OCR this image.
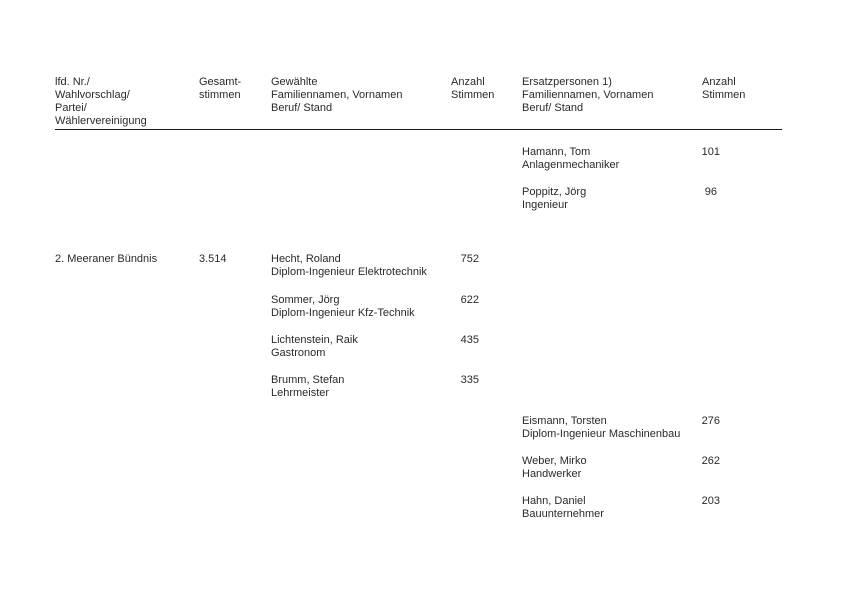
lfd. Nr./
Wahlvorschlag/
Partei/
Wählervereinigung
Gesamt-
stimmen
Gewählte
Familiennamen, Vornamen
Beruf/ Stand
Anzahl
Stimmen
Ersatzpersonen 1)
Familiennamen, Vornamen
Beruf/ Stand
Anzahl
Stimmen
Hamann, Tom
Anlagenmechaniker
101
Poppitz, Jörg
Ingenieur
96
2. Meeraner Bündnis	3.514	Hecht, Roland
Diplom-Ingenieur Elektrotechnik
752
Sommer, Jörg
Diplom-Ingenieur Kfz-Technik
622
Lichtenstein, Raik
Gastronom
435
Brumm, Stefan
Lehrmeister
335
Eismann, Torsten
Diplom-Ingenieur Maschinenbau
276
Weber, Mirko
Handwerker
262
Hahn, Daniel
Bauunternehmer
203
